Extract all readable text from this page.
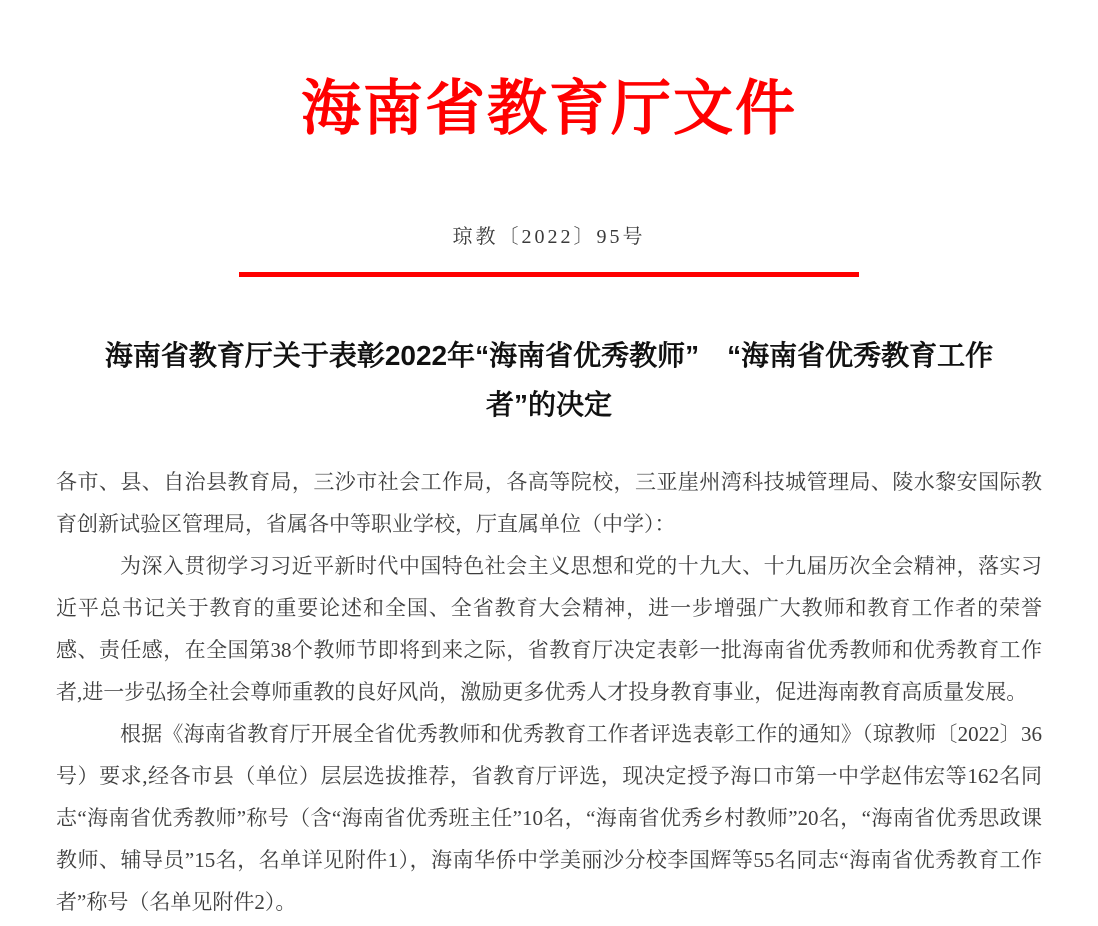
海南省教育厅文件
琼教〔2022〕95号
海南省教育厅关于表彰2022年“海南省优秀教师”　“海南省优秀教育工作
者”的决定

各市、县、自治县教育局，三沙市社会工作局，各高等院校，三亚崖州湾科技城管理局、陵水黎安国际教育创新试验区管理局，省属各中等职业学校，厅直属单位（中学）：

为深入贯彻学习习近平新时代中国特色社会主义思想和党的十九大、十九届历次全会精神，落实习近平总书记关于教育的重要论述和全国、全省教育大会精神，进一步增强广大教师和教育工作者的荣誉感、责任感，在全国第38个教师节即将到来之际，省教育厅决定表彰一批海南省优秀教师和优秀教育工作者,进一步弘扬全社会尊师重教的良好风尚，激励更多优秀人才投身教育事业，促进海南教育高质量发展。

根据《海南省教育厅开展全省优秀教师和优秀教育工作者评选表彰工作的通知》（琼教师〔2022〕36号）要求,经各市县（单位）层层选拔推荐，省教育厅评选，现决定授予海口市第一中学赵伟宏等162名同志“海南省优秀教师”称号（含“海南省优秀班主任”10名，“海南省优秀乡村教师”20名，“海南省优秀思政课教师、辅导员”15名，名单详见附件1），海南华侨中学美丽沙分校李国辉等55名同志“海南省优秀教育工作者”称号（名单见附件2）。
